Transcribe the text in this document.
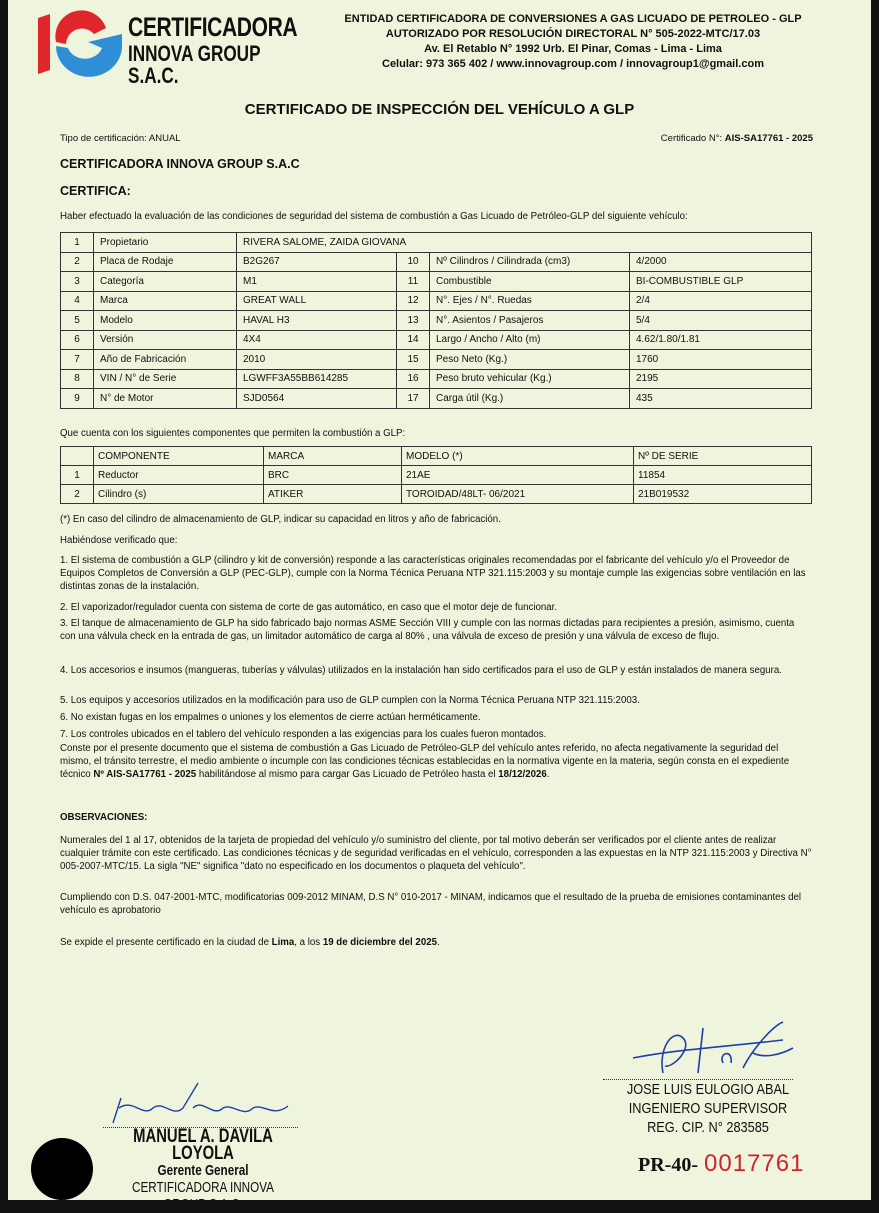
CERTIFICADORA
INNOVA GROUP S.A.C.
ENTIDAD CERTIFICADORA DE CONVERSIONES A GAS LICUADO DE PETROLEO - GLP
AUTORIZADO POR RESOLUCIÓN DIRECTORAL N° 505-2022-MTC/17.03
Av. El Retablo N° 1992 Urb. El Pinar, Comas - Lima - Lima
Celular: 973 365 402 / www.innovagroup.com / innovagroup1@gmail.com
CERTIFICADO DE INSPECCIÓN DEL VEHÍCULO A GLP
Tipo de certificación: ANUAL	Certificado N°: AIS-SA17761 - 2025
CERTIFICADORA INNOVA GROUP S.A.C
CERTIFICA:
Haber efectuado la evaluación de las condiciones de seguridad del sistema de combustión a Gas Licuado de Petróleo-GLP del siguiente vehículo:
1	Propietario	RIVERA SALOME, ZAIDA GIOVANA			
2	Placa de Rodaje	B2G267	10	Nº Cilindros / Cilindrada (cm3)	4/2000
3	Categoría	M1	11	Combustible	BI-COMBUSTIBLE GLP
4	Marca	GREAT WALL	12	N°. Ejes / N°. Ruedas	2/4
5	Modelo	HAVAL H3	13	N°. Asientos / Pasajeros	5/4
6	Versión	4X4	14	Largo / Ancho / Alto (m)	4.62/1.80/1.81
7	Año de Fabricación	2010	15	Peso Neto (Kg.)	1760
8	VIN / N° de Serie	LGWFF3A55BB614285	16	Peso bruto vehicular (Kg.)	2195
9	N° de Motor	SJD0564	17	Carga útil (Kg.)	435
Que cuenta con los siguientes componentes que permiten la combustión a GLP:
	COMPONENTE	MARCA	MODELO (*)	Nº DE SERIE
1	Reductor	BRC	21AE	11854
2	Cilindro (s)	ATIKER	TOROIDAD/48LT- 06/2021	21B019532
(*) En caso del cilindro de almacenamiento de GLP, indicar su capacidad en litros y año de fabricación.
Habiéndose verificado que:
1. El sistema de combustión a GLP (cilindro y kit de conversión) responde a las características originales recomendadas por el fabricante del vehículo y/o el Proveedor de Equipos Completos de Conversión a GLP (PEC-GLP), cumple con la Norma Técnica Peruana NTP 321.115:2003 y su montaje cumple las exigencias sobre ventilación en las distintas zonas de la instalación.
2. El vaporizador/regulador cuenta con sistema de corte de gas automático, en caso que el motor deje de funcionar.
3. El tanque de almacenamiento de GLP ha sido fabricado bajo normas ASME Sección VIII y cumple con las normas dictadas para recipientes a presión, asimismo, cuenta con una válvula check en la entrada de gas, un limitador automático de carga al 80% , una válvula de exceso de presión y una válvula de exceso de flujo.
4. Los accesorios e insumos (mangueras, tuberías y válvulas) utilizados en la instalación han sido certificados para el uso de GLP y están instalados de manera segura.
5. Los equipos y accesorios utilizados en la modificación para uso de GLP cumplen con la Norma Técnica Peruana NTP 321.115:2003.
6. No existan fugas en los empalmes o uniones y los elementos de cierre actúan herméticamente.
7. Los controles ubicados en el tablero del vehículo responden a las exigencias para los cuales fueron montados.
Conste por el presente documento que el sistema de combustión a Gas Licuado de Petróleo-GLP del vehículo antes referido, no afecta negativamente la seguridad del mismo, el tránsito terrestre, el medio ambiente o incumple con las condiciones técnicas establecidas en la normativa vigente en la materia, según consta en el expediente técnico Nº AIS-SA17761 - 2025 habilitándose al mismo para cargar Gas Licuado de Petróleo hasta el 18/12/2026.
OBSERVACIONES:
Numerales del 1 al 17, obtenidos de la tarjeta de propiedad del vehículo y/o suministro del cliente, por tal motivo deberán ser verificados por el cliente antes de realizar cualquier trámite con este certificado. Las condiciones técnicas y de seguridad verificadas en el vehículo, corresponden a las expuestas en la NTP 321.115:2003 y Directiva N° 005-2007-MTC/15. La sigla "NE" significa "dato no especificado en los documentos o plaqueta del vehículo".
Cumpliendo con D.S. 047-2001-MTC, modificatorias 009-2012 MINAM, D.S N° 010-2017 - MINAM, indicamos que el resultado de la prueba de emisiones contaminantes del vehículo es aprobatorio
Se expide el presente certificado en la ciudad de Lima, a los 19 de diciembre del 2025.
JOSE LUIS EULOGIO ABAL
INGENIERO SUPERVISOR
REG. CIP. N° 283585
MANUEL A. DAVILA LOYOLA
Gerente General
CERTIFICADORA INNOVA GROUP S.A.C.
PR-40- 0017761
